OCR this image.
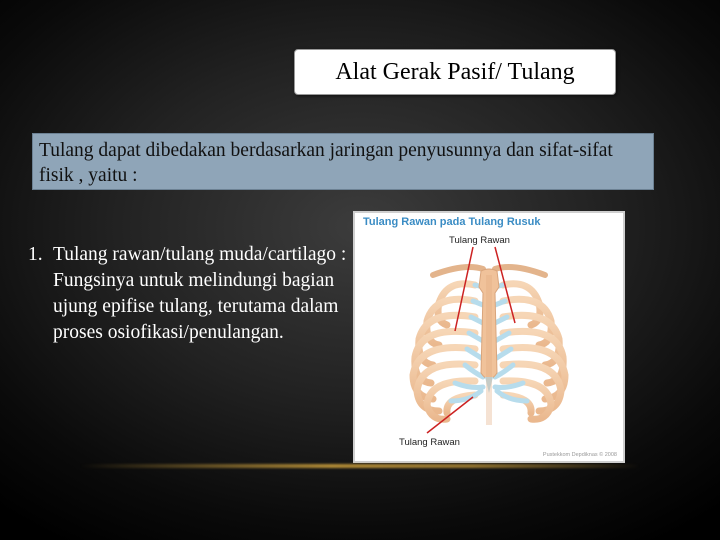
Alat Gerak Pasif/ Tulang
Tulang dapat dibedakan berdasarkan jaringan penyusunnya dan sifat-sifat fisik , yaitu :
1. Tulang rawan/tulang muda/cartilago : Fungsinya untuk melindungi bagian ujung epifise tulang, terutama dalam proses osiofikasi/penulangan.
Tulang Rawan pada Tulang Rusuk
Tulang Rawan
Tulang Rawan
Pustekkom Depdiknas © 2008
